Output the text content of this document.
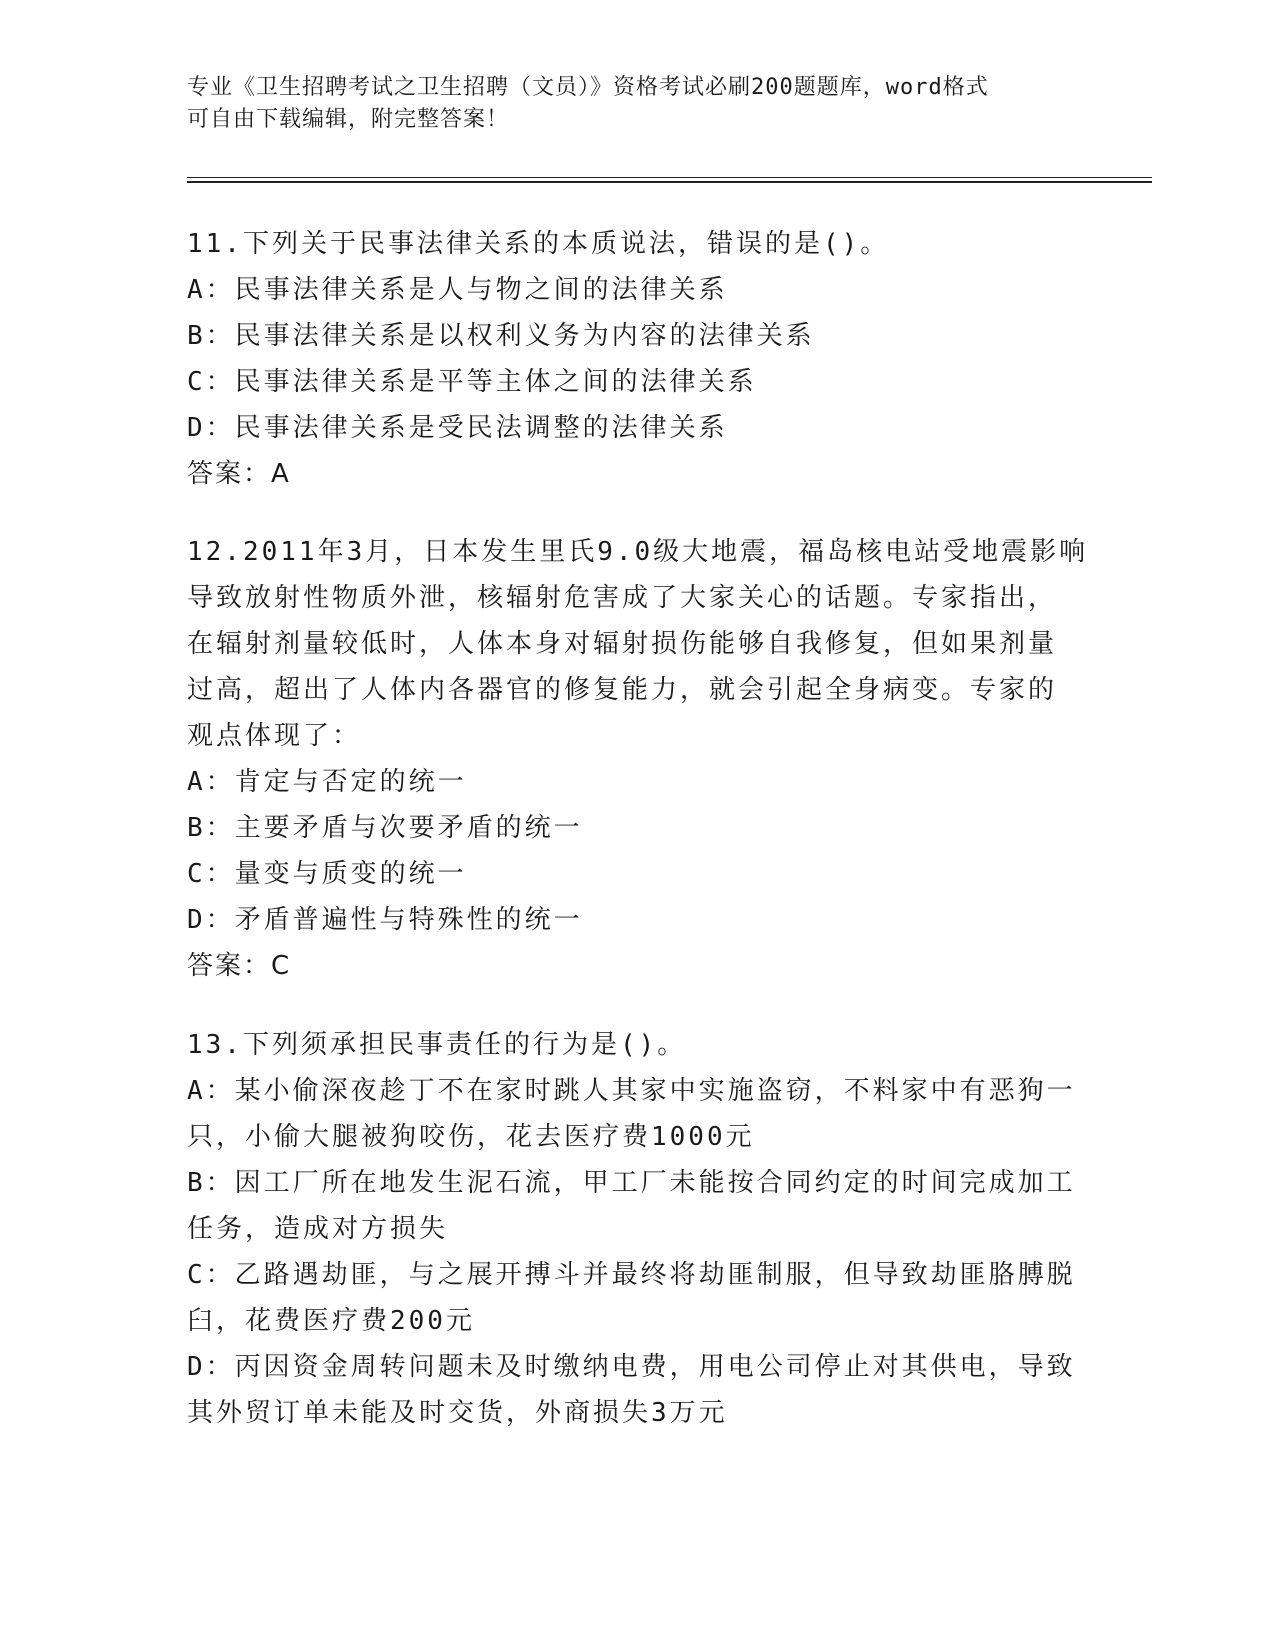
专业《卫生招聘考试之卫生招聘（文员）》资格考试必刷200题题库，word格式
可自由下载编辑，附完整答案！
11.下列关于民事法律关系的本质说法，错误的是()。
A：民事法律关系是人与物之间的法律关系
B：民事法律关系是以权利义务为内容的法律关系
C：民事法律关系是平等主体之间的法律关系
D：民事法律关系是受民法调整的法律关系
答案：A
12.2011年3月，日本发生里氏9.0级大地震，福岛核电站受地震影响
导致放射性物质外泄，核辐射危害成了大家关心的话题。专家指出，
在辐射剂量较低时，人体本身对辐射损伤能够自我修复，但如果剂量
过高，超出了人体内各器官的修复能力，就会引起全身病变。专家的
观点体现了：
A：肯定与否定的统一
B：主要矛盾与次要矛盾的统一
C：量变与质变的统一
D：矛盾普遍性与特殊性的统一
答案：C
13.下列须承担民事责任的行为是()。
A：某小偷深夜趁丁不在家时跳人其家中实施盗窃，不料家中有恶狗一
只，小偷大腿被狗咬伤，花去医疗费1000元
B：因工厂所在地发生泥石流，甲工厂未能按合同约定的时间完成加工
任务，造成对方损失
C：乙路遇劫匪，与之展开搏斗并最终将劫匪制服，但导致劫匪胳膊脱
臼，花费医疗费200元
D：丙因资金周转问题未及时缴纳电费，用电公司停止对其供电，导致
其外贸订单未能及时交货，外商损失3万元
